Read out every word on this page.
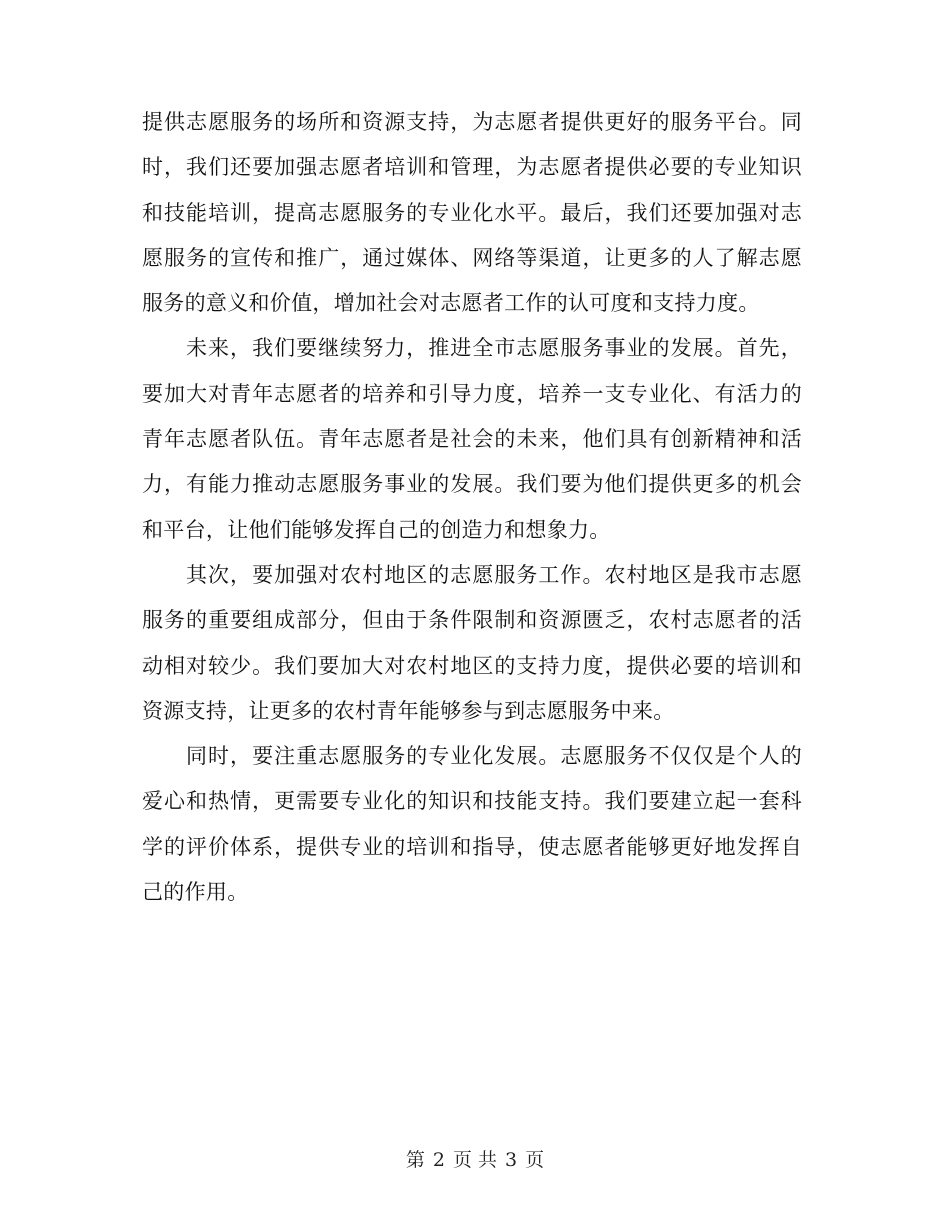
提供志愿服务的场所和资源支持，为志愿者提供更好的服务平台。同时，我们还要加强志愿者培训和管理，为志愿者提供必要的专业知识和技能培训，提高志愿服务的专业化水平。最后，我们还要加强对志愿服务的宣传和推广，通过媒体、网络等渠道，让更多的人了解志愿服务的意义和价值，增加社会对志愿者工作的认可度和支持力度。

未来，我们要继续努力，推进全市志愿服务事业的发展。首先，要加大对青年志愿者的培养和引导力度，培养一支专业化、有活力的青年志愿者队伍。青年志愿者是社会的未来，他们具有创新精神和活力，有能力推动志愿服务事业的发展。我们要为他们提供更多的机会和平台，让他们能够发挥自己的创造力和想象力。

其次，要加强对农村地区的志愿服务工作。农村地区是我市志愿服务的重要组成部分，但由于条件限制和资源匮乏，农村志愿者的活动相对较少。我们要加大对农村地区的支持力度，提供必要的培训和资源支持，让更多的农村青年能够参与到志愿服务中来。

同时，要注重志愿服务的专业化发展。志愿服务不仅仅是个人的爱心和热情，更需要专业化的知识和技能支持。我们要建立起一套科学的评价体系，提供专业的培训和指导，使志愿者能够更好地发挥自己的作用。

第 2 页 共 3 页
